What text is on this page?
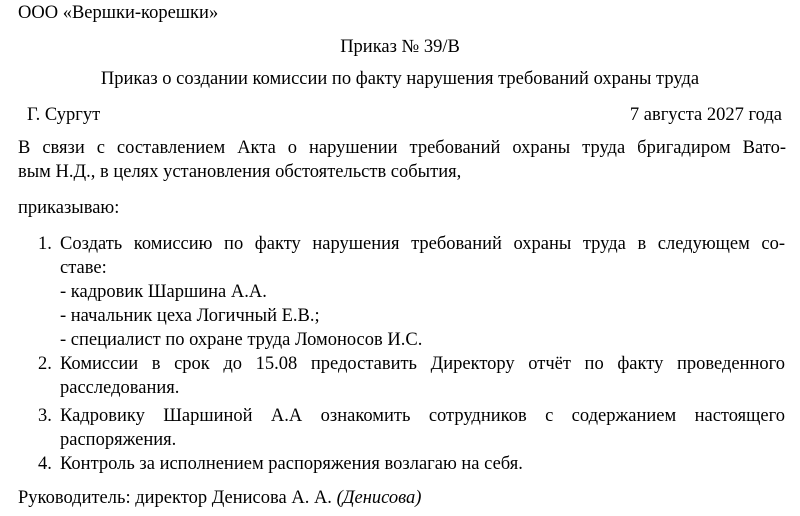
ООО «Вершки-корешки»
Приказ № 39/В
Приказ о создании комиссии по факту нарушения требований охраны труда
Г. Сургут	7 августа 2027 года
В связи с составлением Акта о нарушении требований охраны труда бригадиром Вато-
вым Н.Д., в целях установления обстоятельств события,
приказываю:
1. Создать комиссию по факту нарушения требований охраны труда в следующем со-
ставе:
- кадровик Шаршина А.А.
- начальник цеха Логичный Е.В.;
- специалист по охране труда Ломоносов И.С.
2. Комиссии в срок до 15.08 предоставить Директору отчёт по факту проведенного
расследования.
3. Кадровику Шаршиной А.А ознакомить сотрудников с содержанием настоящего
распоряжения.
4. Контроль за исполнением распоряжения возлагаю на себя.
Руководитель: директор Денисова А. А. (Денисова)
